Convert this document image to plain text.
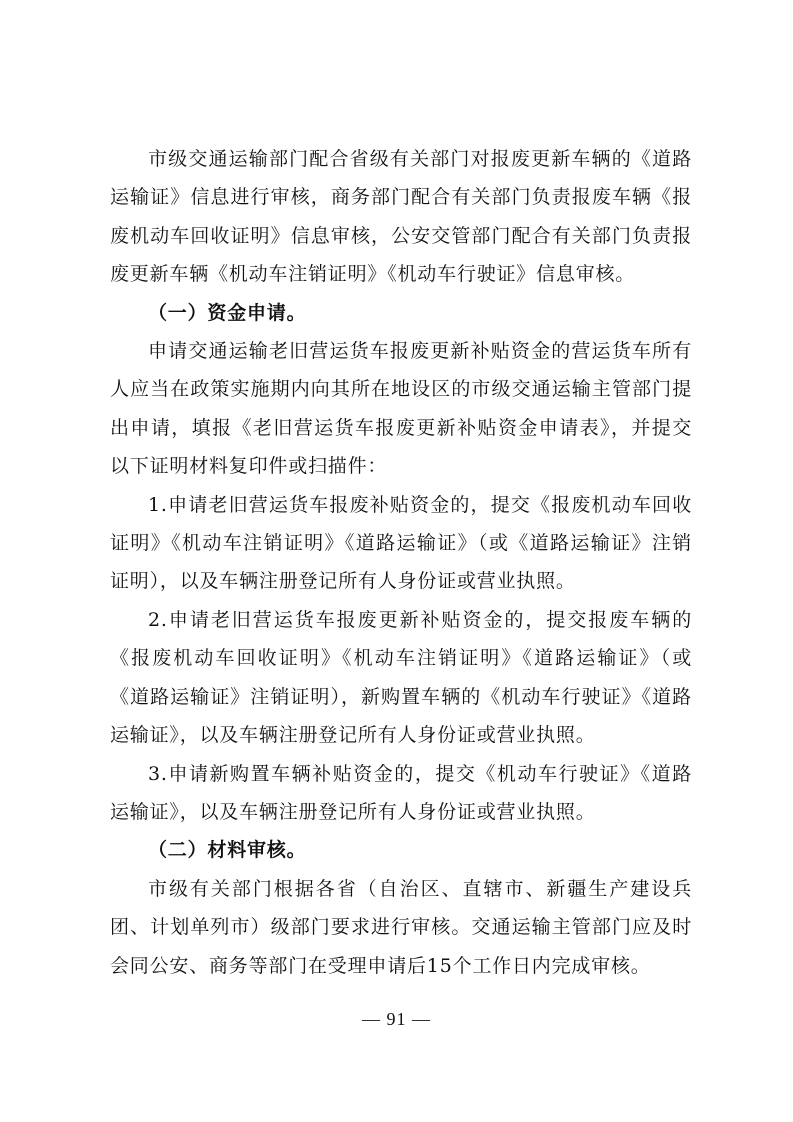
市级交通运输部门配合省级有关部门对报废更新车辆的《道路运输证》信息进行审核，商务部门配合有关部门负责报废车辆《报废机动车回收证明》信息审核，公安交管部门配合有关部门负责报废更新车辆《机动车注销证明》《机动车行驶证》信息审核。

（一）资金申请。

申请交通运输老旧营运货车报废更新补贴资金的营运货车所有人应当在政策实施期内向其所在地设区的市级交通运输主管部门提出申请，填报《老旧营运货车报废更新补贴资金申请表》，并提交以下证明材料复印件或扫描件：

1.申请老旧营运货车报废补贴资金的，提交《报废机动车回收证明》《机动车注销证明》《道路运输证》（或《道路运输证》注销证明），以及车辆注册登记所有人身份证或营业执照。

2.申请老旧营运货车报废更新补贴资金的，提交报废车辆的《报废机动车回收证明》《机动车注销证明》《道路运输证》（或《道路运输证》注销证明），新购置车辆的《机动车行驶证》《道路运输证》，以及车辆注册登记所有人身份证或营业执照。

3.申请新购置车辆补贴资金的，提交《机动车行驶证》《道路运输证》，以及车辆注册登记所有人身份证或营业执照。

（二）材料审核。

市级有关部门根据各省（自治区、直辖市、新疆生产建设兵团、计划单列市）级部门要求进行审核。交通运输主管部门应及时会同公安、商务等部门在受理申请后15个工作日内完成审核。

— 91 —
